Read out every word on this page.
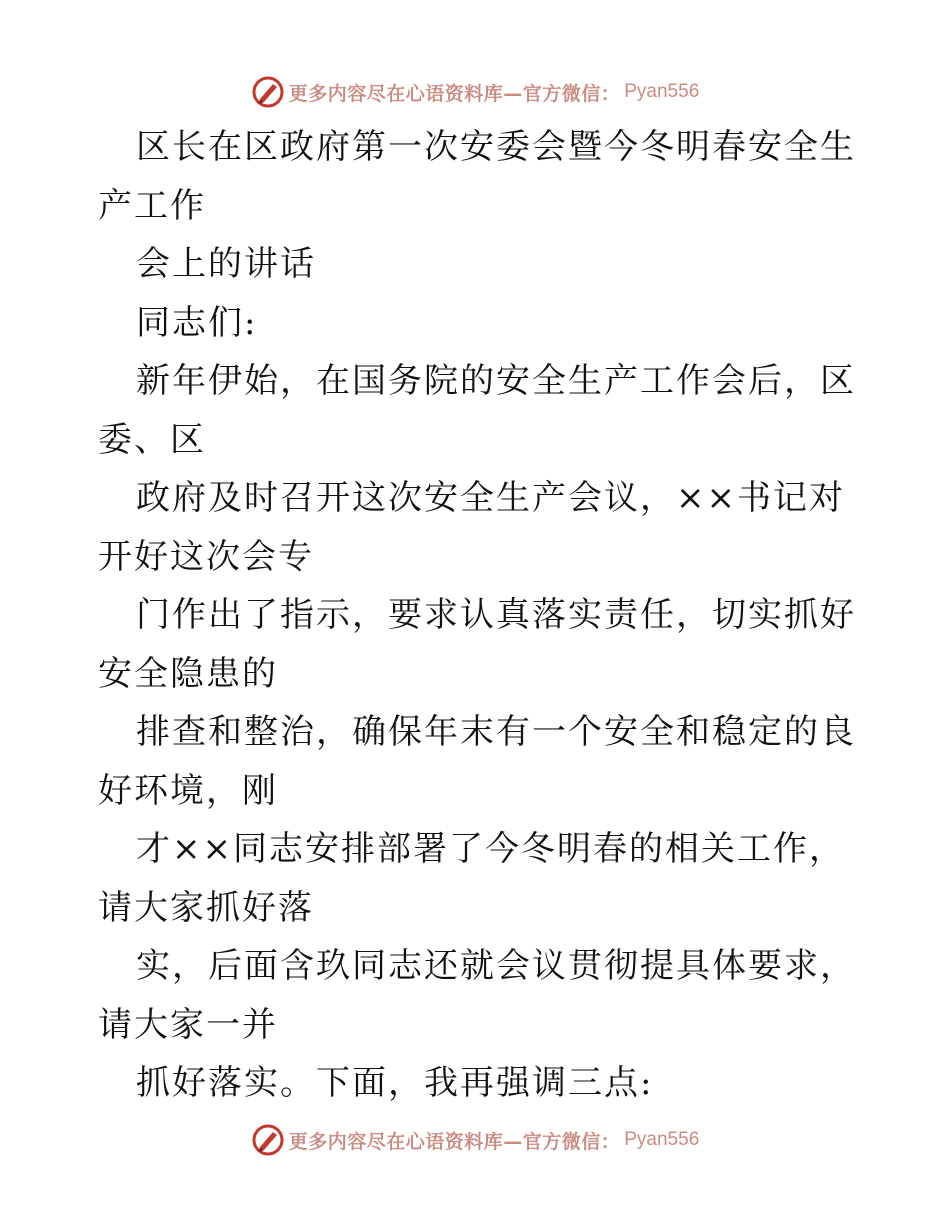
更多内容尽在心语资料库—官方微信： Pyan556

区长在区政府第一次安委会暨今冬明春安全生产工作

会上的讲话

同志们:

新年伊始，在国务院的安全生产工作会后，区委、区

政府及时召开这次安全生产会议，××书记对开好这次会专

门作出了指示，要求认真落实责任，切实抓好安全隐患的

排查和整治，确保年末有一个安全和稳定的良好环境，刚

才××同志安排部署了今冬明春的相关工作，请大家抓好落

实，后面含玖同志还就会议贯彻提具体要求，请大家一并

抓好落实。下面，我再强调三点:

更多内容尽在心语资料库—官方微信： Pyan556
